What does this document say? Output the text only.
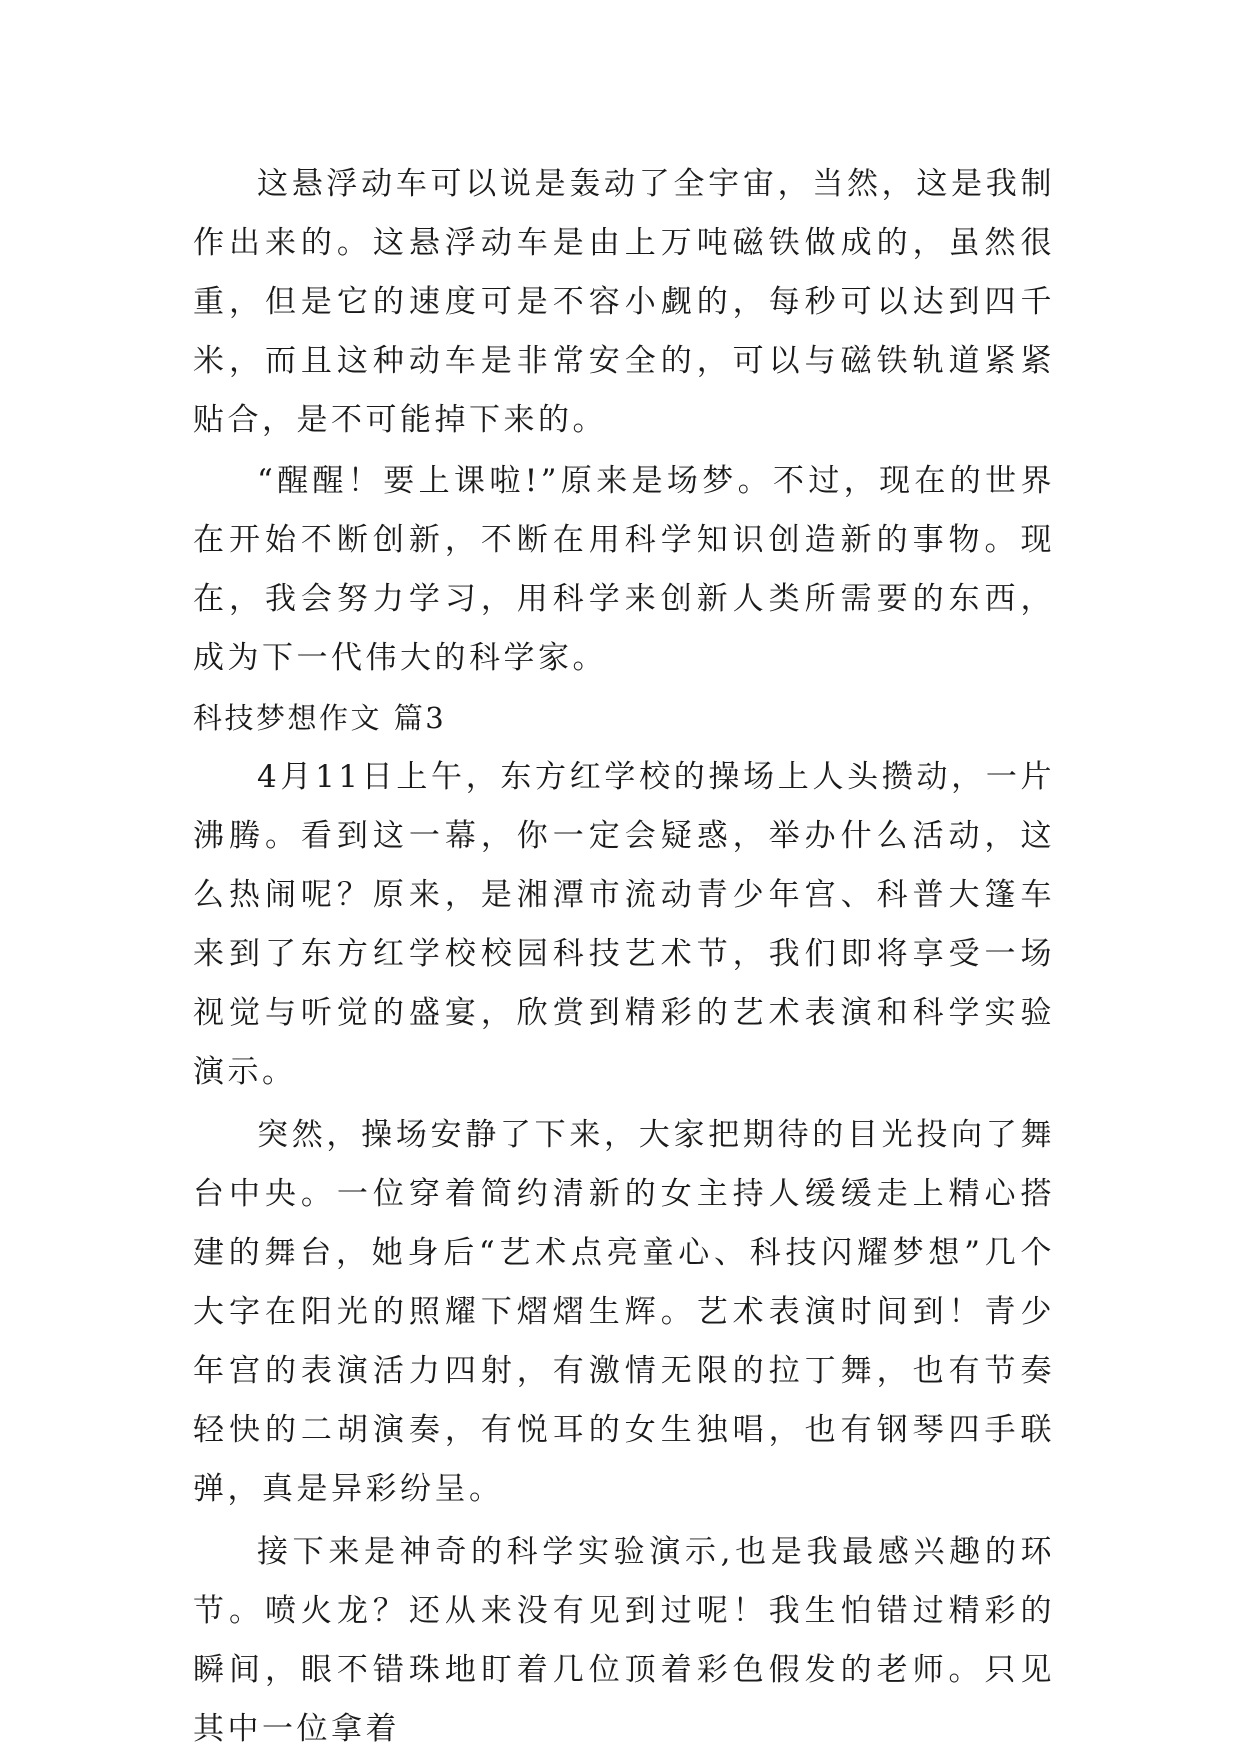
这悬浮动车可以说是轰动了全宇宙，当然，这是我制作出来的。这悬浮动车是由上万吨磁铁做成的，虽然很重，但是它的速度可是不容小觑的，每秒可以达到四千米，而且这种动车是非常安全的，可以与磁铁轨道紧紧贴合，是不可能掉下来的。

“醒醒！要上课啦!”原来是场梦。不过，现在的世界在开始不断创新，不断在用科学知识创造新的事物。现在，我会努力学习，用科学来创新人类所需要的东西，成为下一代伟大的科学家。

科技梦想作文 篇3

4月11日上午，东方红学校的操场上人头攒动，一片沸腾。看到这一幕，你一定会疑惑，举办什么活动，这么热闹呢？原来，是湘潭市流动青少年宫、科普大篷车来到了东方红学校校园科技艺术节，我们即将享受一场视觉与听觉的盛宴，欣赏到精彩的艺术表演和科学实验演示。

突然，操场安静了下来，大家把期待的目光投向了舞台中央。一位穿着简约清新的女主持人缓缓走上精心搭建的舞台，她身后“艺术点亮童心、科技闪耀梦想”几个大字在阳光的照耀下熠熠生辉。艺术表演时间到！青少年宫的表演活力四射，有激情无限的拉丁舞，也有节奏轻快的二胡演奏，有悦耳的女生独唱，也有钢琴四手联弹，真是异彩纷呈。

接下来是神奇的科学实验演示,也是我最感兴趣的环节。喷火龙？还从来没有见到过呢！我生怕错过精彩的瞬间，眼不错珠地盯着几位顶着彩色假发的老师。只见其中一位拿着
